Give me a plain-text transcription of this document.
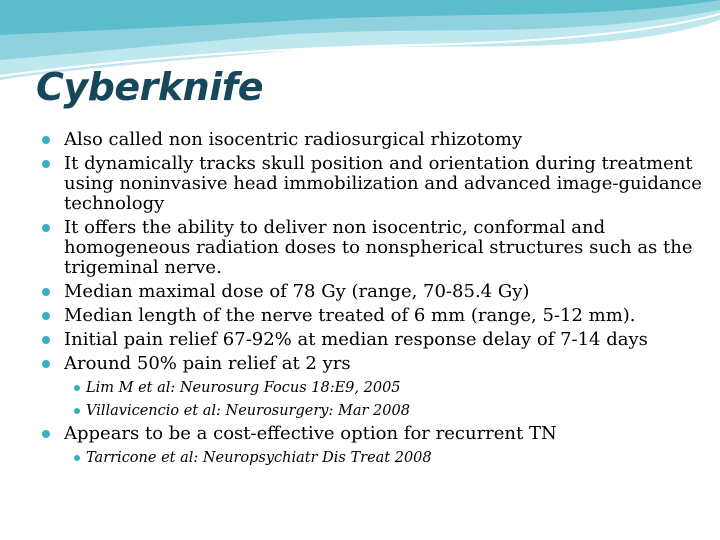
Cyberknife
Also called non isocentric radiosurgical rhizotomy
It dynamically tracks skull position and orientation during treatment using noninvasive head immobilization and advanced image-guidance technology
It offers the ability to deliver non isocentric, conformal and homogeneous radiation doses to nonspherical structures such as the trigeminal nerve.
Median maximal dose of 78 Gy (range, 70-85.4 Gy)
Median length of the nerve treated of 6 mm (range, 5-12 mm).
Initial pain relief 67-92% at median response delay of 7-14 days
Around 50% pain relief at 2 yrs
Lim M et al: Neurosurg Focus 18:E9, 2005
Villavicencio et al: Neurosurgery: Mar 2008
Appears to be a cost-effective option for recurrent TN
Tarricone et al: Neuropsychiatr Dis Treat 2008
